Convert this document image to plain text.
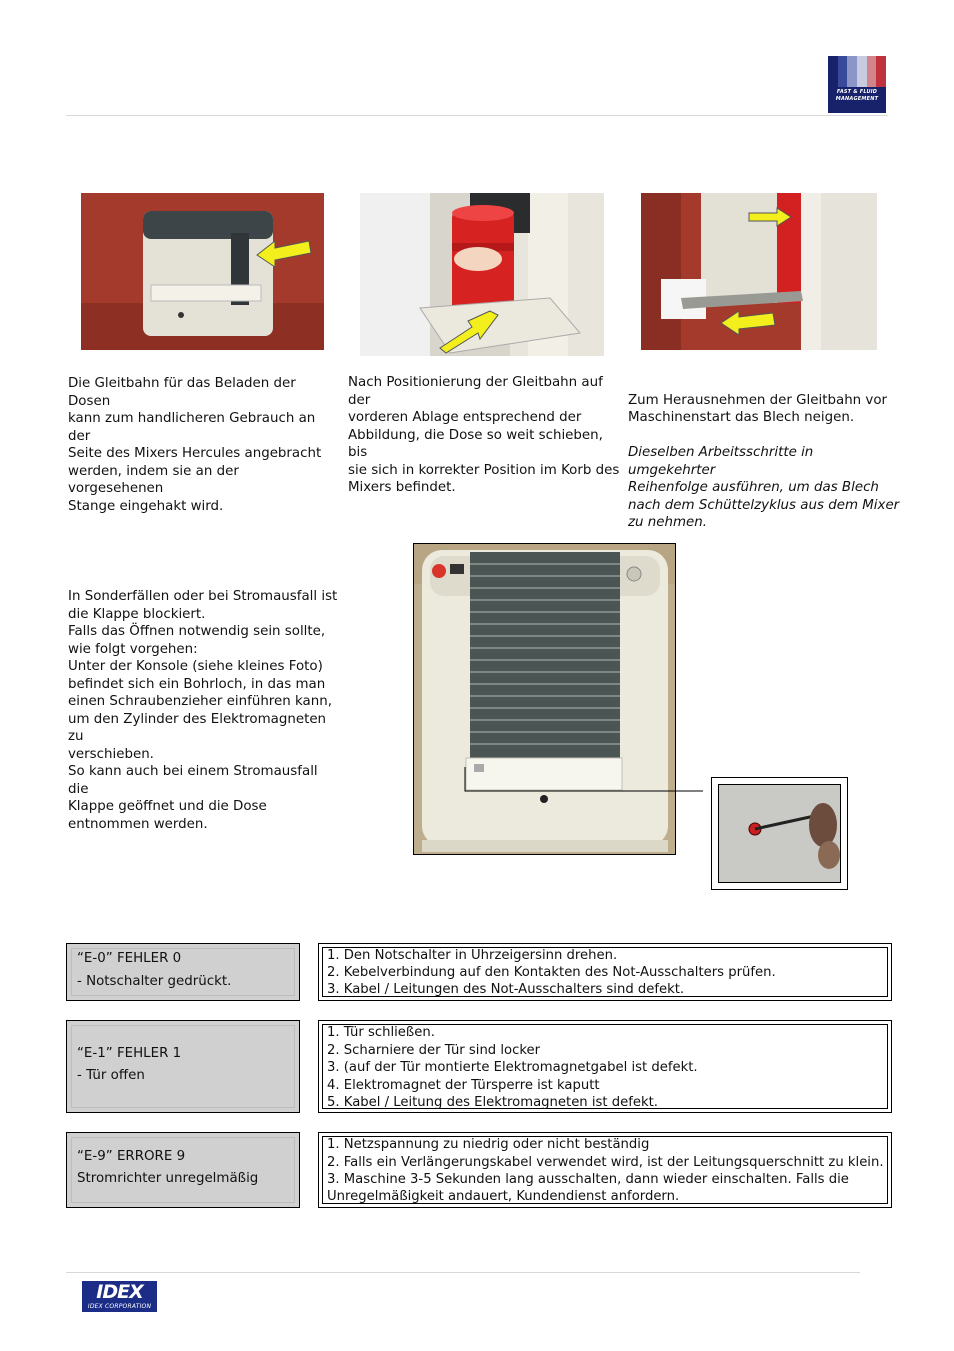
FAST & FLUID
MANAGEMENT
Die Gleitbahn für das Beladen der Dosen
kann zum handlicheren Gebrauch an der
Seite des Mixers Hercules angebracht
werden, indem sie an der vorgesehenen
Stange eingehakt wird.
Nach Positionierung der Gleitbahn auf der
vorderen Ablage entsprechend der
Abbildung, die Dose so weit schieben, bis
sie sich in korrekter Position im Korb des
Mixers befindet.

Zum Herausnehmen der Gleitbahn vor
Maschinenstart das Blech neigen.

Dieselben Arbeitsschritte in umgekehrter
Reihenfolge ausführen, um das Blech
nach dem Schüttelzyklus aus dem Mixer
zu nehmen.

In Sonderfällen oder bei Stromausfall ist
die Klappe blockiert.
Falls das Öffnen notwendig sein sollte,
wie folgt vorgehen:
Unter der Konsole (siehe kleines Foto)
befindet sich ein Bohrloch, in das man
einen Schraubenzieher einführen kann,
um den Zylinder des Elektromagneten zu
verschieben.
So kann auch bei einem Stromausfall die
Klappe geöffnet und die Dose
entnommen werden.
“E-0” FEHLER 0
- Notschalter gedrückt.
1. Den Notschalter in Uhrzeigersinn drehen.
2. Kebelverbindung auf den Kontakten des Not-Ausschalters prüfen.
3. Kabel / Leitungen des Not-Ausschalters sind defekt.
“E-1” FEHLER 1
- Tür offen
1. Tür schließen.
2. Scharniere der Tür sind locker
3. (auf der Tür montierte Elektromagnetgabel ist defekt.
4. Elektromagnet der Türsperre ist kaputt
5. Kabel / Leitung des Elektromagneten ist defekt.
“E-9” ERRORE 9
Stromrichter unregelmäßig
1. Netzspannung zu niedrig oder nicht beständig
2. Falls ein Verlängerungskabel verwendet wird, ist der Leitungsquerschnitt zu klein.
3. Maschine 3-5 Sekunden lang ausschalten, dann wieder einschalten. Falls die
Unregelmäßigkeit andauert, Kundendienst anfordern.
IDEX
IDEX CORPORATION
